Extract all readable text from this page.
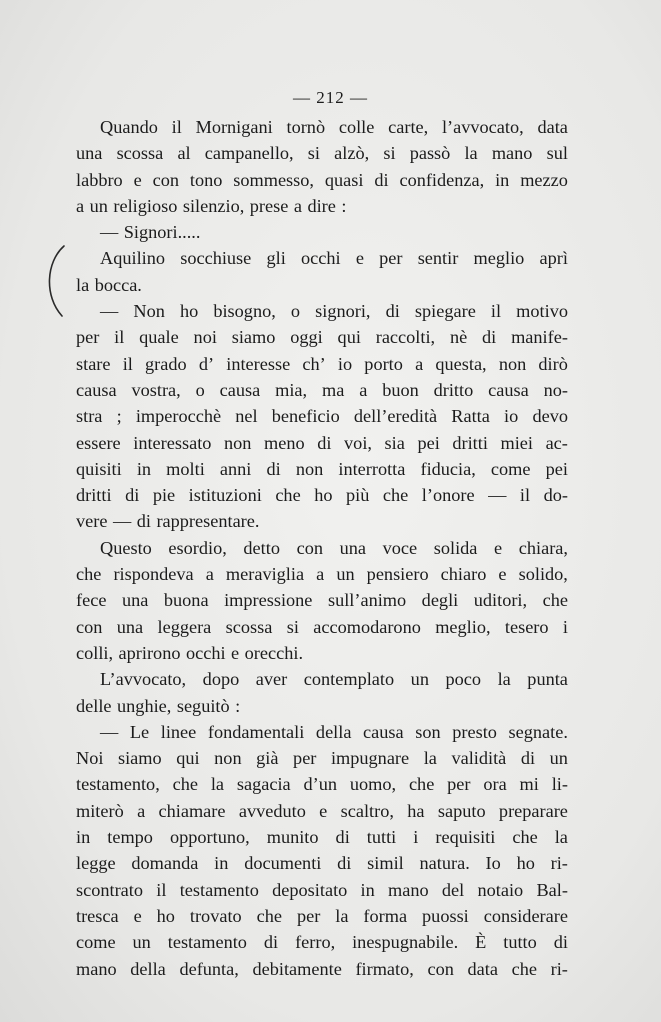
— 212 —
Quando il Mornigani tornò colle carte, l’avvocato, data
una scossa al campanello, si alzò, si passò la mano sul
labbro e con tono sommesso, quasi di confidenza, in mezzo
a un religioso silenzio, prese a dire :
— Signori.....
Aquilino socchiuse gli occhi e per sentir meglio aprì
la bocca.
— Non ho bisogno, o signori, di spiegare il motivo
per il quale noi siamo oggi qui raccolti, nè di manife-
stare il grado d’ interesse ch’ io porto a questa, non dirò
causa vostra, o causa mia, ma a buon dritto causa no-
stra ; imperocchè nel beneficio dell’eredità Ratta io devo
essere interessato non meno di voi, sia pei dritti miei ac-
quisiti in molti anni di non interrotta fiducia, come pei
dritti di pie istituzioni che ho più che l’onore — il do-
vere — di rappresentare.
Questo esordio, detto con una voce solida e chiara,
che rispondeva a meraviglia a un pensiero chiaro e solido,
fece una buona impressione sull’animo degli uditori, che
con una leggera scossa si accomodarono meglio, tesero i
colli, aprirono occhi e orecchi.
L’avvocato, dopo aver contemplato un poco la punta
delle unghie, seguitò :
— Le linee fondamentali della causa son presto segnate.
Noi siamo qui non già per impugnare la validità di un
testamento, che la sagacia d’un uomo, che per ora mi li-
miterò a chiamare avveduto e scaltro, ha saputo preparare
in tempo opportuno, munito di tutti i requisiti che la
legge domanda in documenti di simil natura. Io ho ri-
scontrato il testamento depositato in mano del notaio Bal-
tresca e ho trovato che per la forma puossi considerare
come un testamento di ferro, inespugnabile. È tutto di
mano della defunta, debitamente firmato, con data che ri-
